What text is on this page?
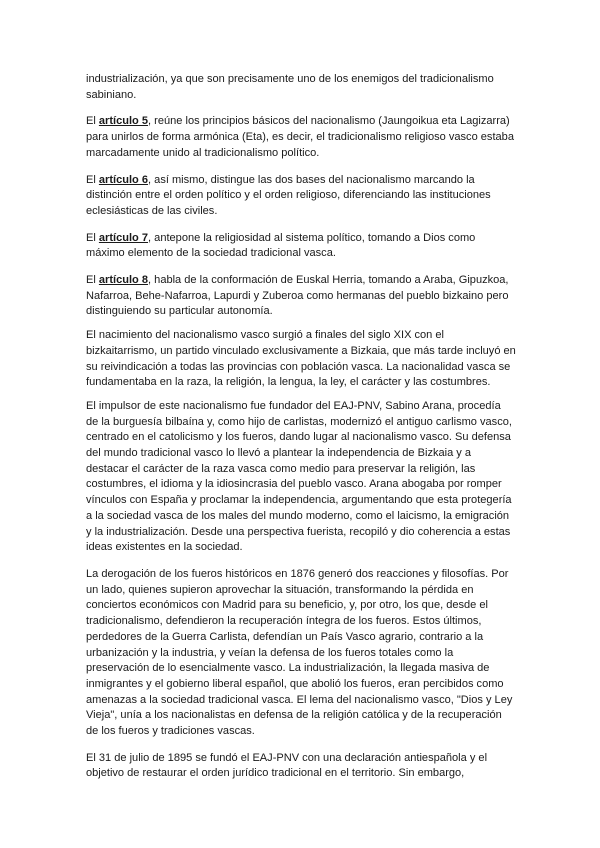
industrialización, ya que son precisamente uno de los enemigos del tradicionalismo sabiniano.

El artículo 5, reúne los principios básicos del nacionalismo (Jaungoikua eta Lagizarra) para unirlos de forma armónica (Eta), es decir, el tradicionalismo religioso vasco estaba marcadamente unido al tradicionalismo político.

El artículo 6, así mismo, distingue las dos bases del nacionalismo marcando la distinción entre el orden político y el orden religioso, diferenciando las instituciones eclesiásticas de las civiles.

El artículo 7, antepone la religiosidad al sistema político, tomando a Dios como máximo elemento de la sociedad tradicional vasca.

El artículo 8, habla de la conformación de Euskal Herria, tomando a Araba, Gipuzkoa, Nafarroa, Behe-Nafarroa, Lapurdi y Zuberoa como hermanas del pueblo bizkaino pero distinguiendo su particular autonomía.

El nacimiento del nacionalismo vasco surgió a finales del siglo XIX con el bizkaitarrismo, un partido vinculado exclusivamente a Bizkaia, que más tarde incluyó en su reivindicación a todas las provincias con población vasca. La nacionalidad vasca se fundamentaba en la raza, la religión, la lengua, la ley, el carácter y las costumbres.

El impulsor de este nacionalismo fue fundador del EAJ-PNV, Sabino Arana, procedía de la burguesía bilbaína y, como hijo de carlistas, modernizó el antiguo carlismo vasco, centrado en el catolicismo y los fueros, dando lugar al nacionalismo vasco. Su defensa del mundo tradicional vasco lo llevó a plantear la independencia de Bizkaia y a destacar el carácter de la raza vasca como medio para preservar la religión, las costumbres, el idioma y la idiosincrasia del pueblo vasco. Arana abogaba por romper vínculos con España y proclamar la independencia, argumentando que esta protegería a la sociedad vasca de los males del mundo moderno, como el laicismo, la emigración y la industrialización. Desde una perspectiva fuerista, recopiló y dio coherencia a estas ideas existentes en la sociedad.

La derogación de los fueros históricos en 1876 generó dos reacciones y filosofías. Por un lado, quienes supieron aprovechar la situación, transformando la pérdida en conciertos económicos con Madrid para su beneficio, y, por otro, los que, desde el tradicionalismo, defendieron la recuperación íntegra de los fueros. Estos últimos, perdedores de la Guerra Carlista, defendían un País Vasco agrario, contrario a la urbanización y la industria, y veían la defensa de los fueros totales como la preservación de lo esencialmente vasco. La industrialización, la llegada masiva de inmigrantes y el gobierno liberal español, que abolió los fueros, eran percibidos como amenazas a la sociedad tradicional vasca. El lema del nacionalismo vasco, "Dios y Ley Vieja", unía a los nacionalistas en defensa de la religión católica y de la recuperación de los fueros y tradiciones vascas.

El 31 de julio de 1895 se fundó el EAJ-PNV con una declaración antiespañola y el objetivo de restaurar el orden jurídico tradicional en el territorio. Sin embargo,
